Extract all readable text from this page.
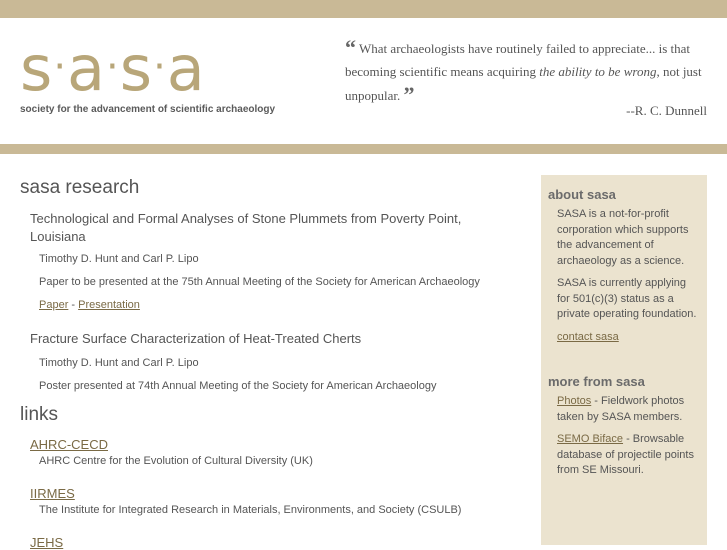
s·a·s·a
society for the advancement of scientific archaeology
“ What archaeologists have routinely failed to appreciate... is that becoming scientific means acquiring the ability to be wrong, not just unpopular. ”
--R. C. Dunnell
sasa research
Technological and Formal Analyses of Stone Plummets from Poverty Point, Louisiana
Timothy D. Hunt and Carl P. Lipo
Paper to be presented at the 75th Annual Meeting of the Society for American Archaeology
Paper - Presentation
Fracture Surface Characterization of Heat-Treated Cherts
Timothy D. Hunt and Carl P. Lipo
Poster presented at 74th Annual Meeting of the Society for American Archaeology
links
AHRC-CECD
AHRC Centre for the Evolution of Cultural Diversity (UK)
IIRMES
The Institute for Integrated Research in Materials, Environments, and Society (CSULB)
JEHS
about sasa
SASA is a not-for-profit corporation which supports the advancement of archaeology as a science.
SASA is currently applying for 501(c)(3) status as a private operating foundation.
contact sasa
more from sasa
Photos - Fieldwork photos taken by SASA members.
SEMO Biface - Browsable database of projectile points from SE Missouri.
